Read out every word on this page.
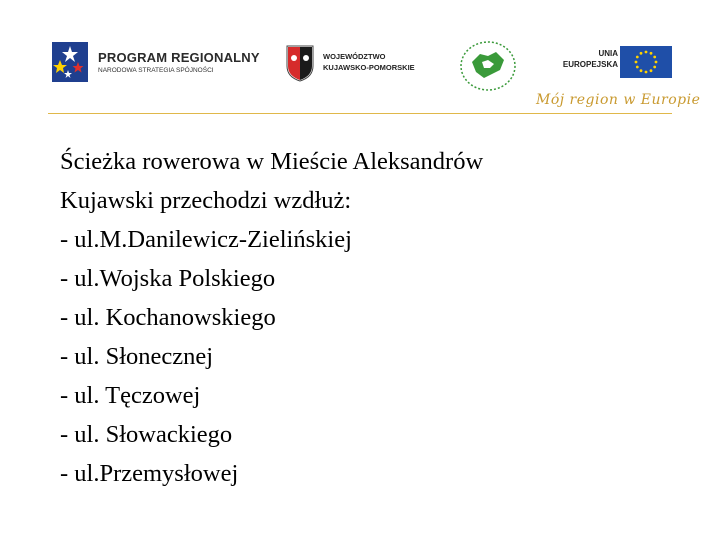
PROGRAM REGIONALNY
NARODOWA STRATEGIA SPÓJNOŚCI
WOJEWÓDZTWO
KUJAWSKO-POMORSKIE
UNIA
EUROPEJSKA
Mój region w Europie
Ścieżka rowerowa w Mieście Aleksandrów
Kujawski przechodzi wzdłuż:
- ul.M.Danilewicz-Zielińskiej
- ul.Wojska Polskiego
- ul. Kochanowskiego
- ul. Słonecznej
- ul. Tęczowej
- ul. Słowackiego
- ul.Przemysłowej
